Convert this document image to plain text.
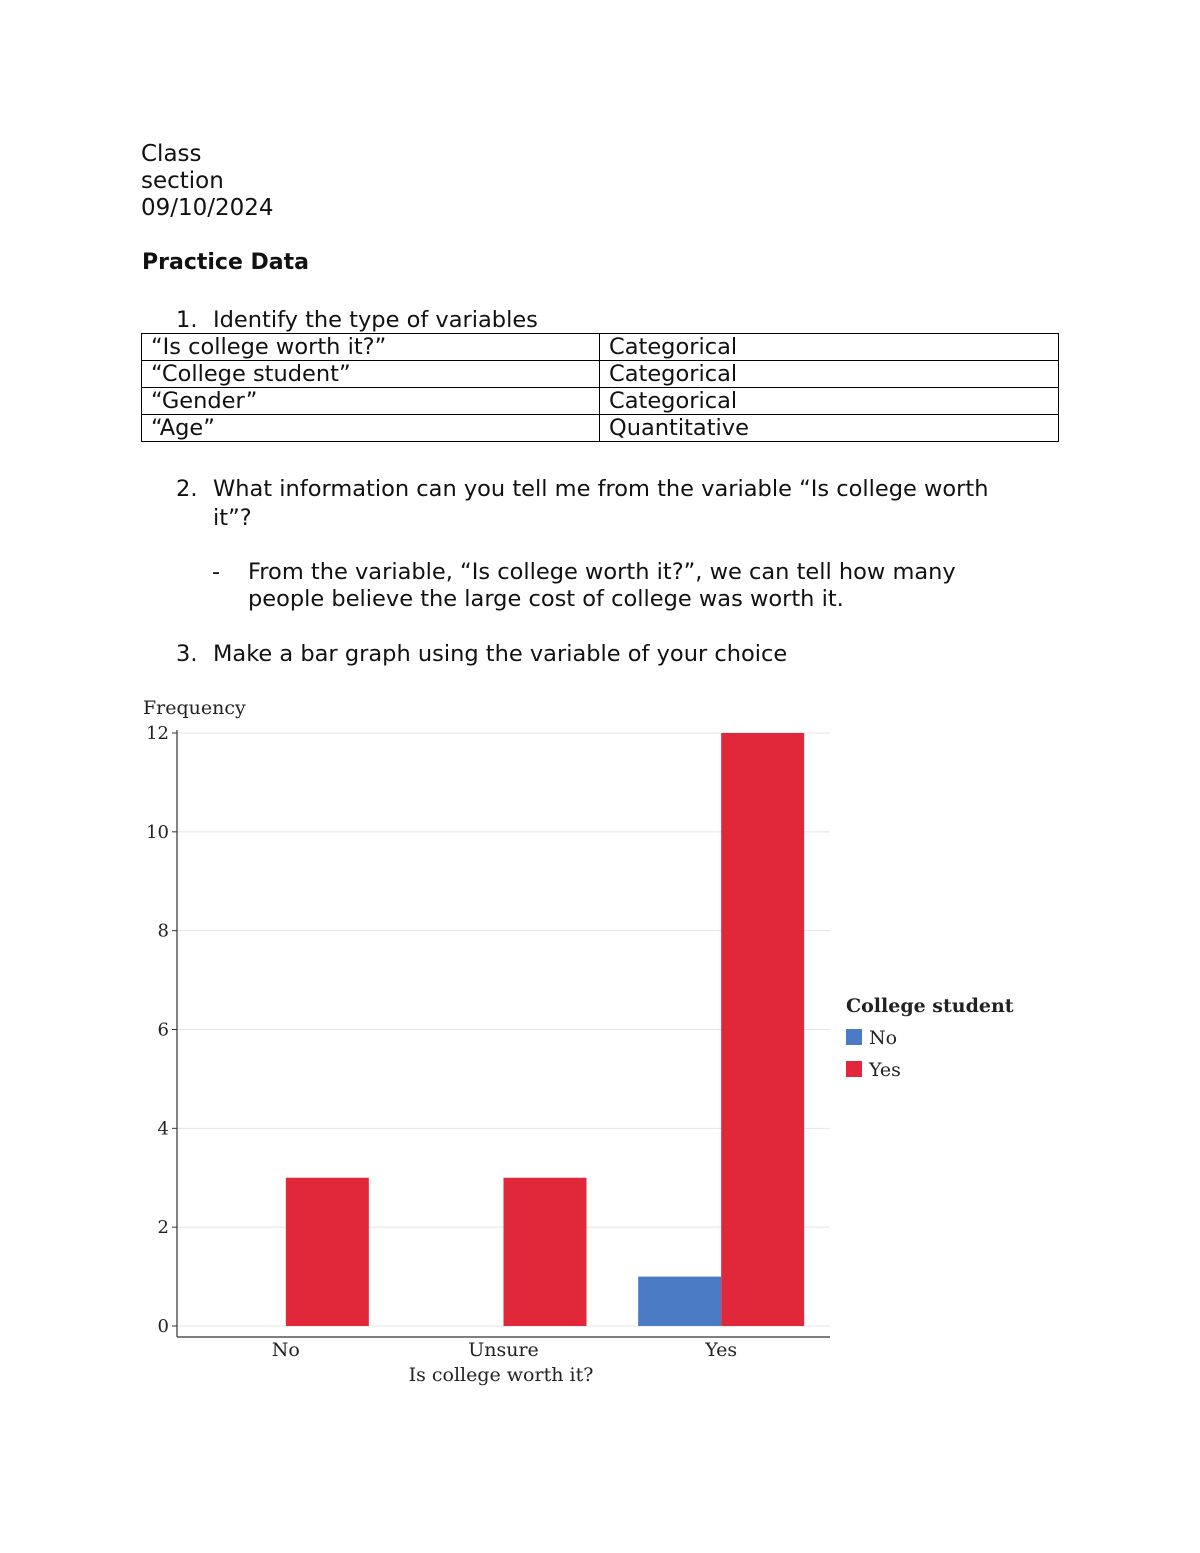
Class
section
09/10/2024
Practice Data
1. Identify the type of variables
“Is college worth it?”	Categorical
“College student”	Categorical
“Gender”	Categorical
“Age”	Quantitative
2. What information can you tell me from the variable “Is college worth
it”?
- From the variable, “Is college worth it?”, we can tell how many people believe the large cost of college was worth it.
3. Make a bar graph using the variable of your choice
0
2
4
6
8
10
12
No	Unsure	Yes
Frequency
Is college worth it?
College student
No
Yes
